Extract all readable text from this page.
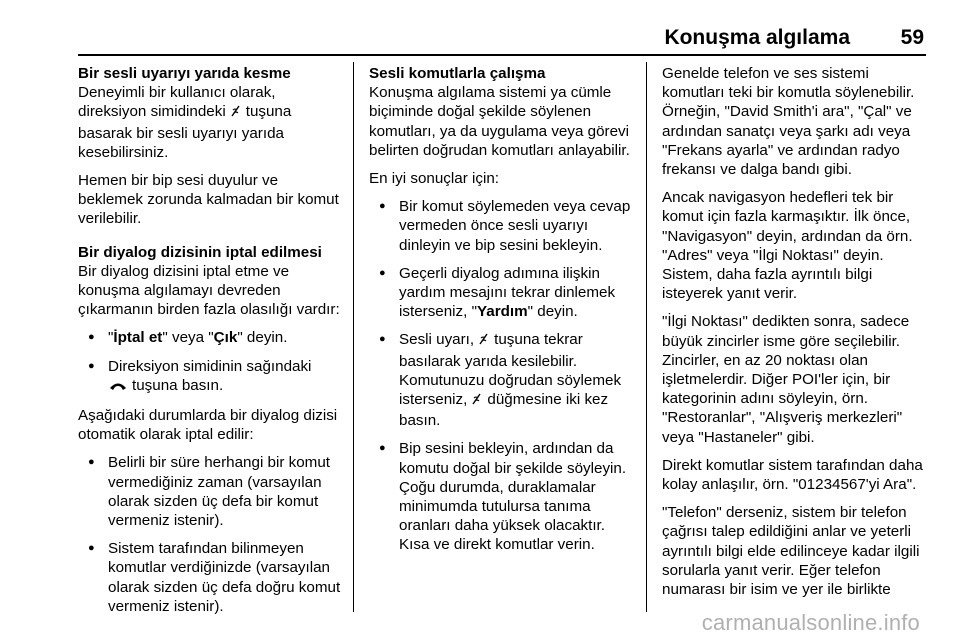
Konuşma algılama 59
Bir sesli uyarıyı yarıda kesme

Deneyimli bir kullanıcı olarak, direksiyon simidindeki tuşuna basarak bir sesli uyarıyı yarıda kesebilirsiniz.

Hemen bir bip sesi duyulur ve beklemek zorunda kalmadan bir komut verilebilir.

Bir diyalog dizisinin iptal edilmesi

Bir diyalog dizisini iptal etme ve konuşma algılamayı devreden çıkarmanın birden fazla olasılığı vardır:

● "İptal et" veya "Çık" deyin.
● Direksiyon simidinin sağındaki
tuşuna basın.

Aşağıdaki durumlarda bir diyalog dizisi otomatik olarak iptal edilir:

● Belirli bir süre herhangi bir komut vermediğiniz zaman (varsayılan olarak sizden üç defa bir komut vermeniz istenir).
● Sistem tarafından bilinmeyen komutlar verdiğinizde (varsayılan olarak sizden üç defa doğru komut vermeniz istenir).
Sesli komutlarla çalışma

Konuşma algılama sistemi ya cümle biçiminde doğal şekilde söylenen komutları, ya da uygulama veya görevi belirten doğrudan komutları anlayabilir.

En iyi sonuçlar için:

● Bir komut söylemeden veya cevap vermeden önce sesli uyarıyı dinleyin ve bip sesini bekleyin.
● Geçerli diyalog adımına ilişkin yardım mesajını tekrar dinlemek isterseniz, "Yardım" deyin.
● Sesli uyarı, tuşuna tekrar basılarak yarıda kesilebilir. Komutunuzu doğrudan söylemek isterseniz, düğmesine iki kez basın.
● Bip sesini bekleyin, ardından da komutu doğal bir şekilde söyleyin. Çoğu durumda, duraklamalar minimumda tutulursa tanıma oranları daha yüksek olacaktır. Kısa ve direkt komutlar verin.

Genelde telefon ve ses sistemi komutları teki bir komutla söylenebilir. Örneğin, "David Smith'i ara", "Çal" ve ardından sanatçı veya şarkı adı veya "Frekans ayarla" ve ardından radyo frekansı ve dalga bandı gibi.

Ancak navigasyon hedefleri tek bir komut için fazla karmaşıktır. İlk önce, "Navigasyon" deyin, ardından da örn. "Adres" veya "İlgi Noktası" deyin. Sistem, daha fazla ayrıntılı bilgi isteyerek yanıt verir.

"İlgi Noktası" dedikten sonra, sadece büyük zincirler isme göre seçilebilir. Zincirler, en az 20 noktası olan işletmelerdir. Diğer POI'ler için, bir kategorinin adını söyleyin, örn. "Restoranlar", "Alışveriş merkezleri" veya "Hastaneler" gibi.

Direkt komutlar sistem tarafından daha kolay anlaşılır, örn. "01234567'yi Ara".

"Telefon" derseniz, sistem bir telefon çağrısı talep edildiğini anlar ve yeterli ayrıntılı bilgi elde edilinceye kadar ilgili sorularla yanıt verir. Eğer telefon numarası bir isim ve yer ile birlikte

carmanualsonline.info
